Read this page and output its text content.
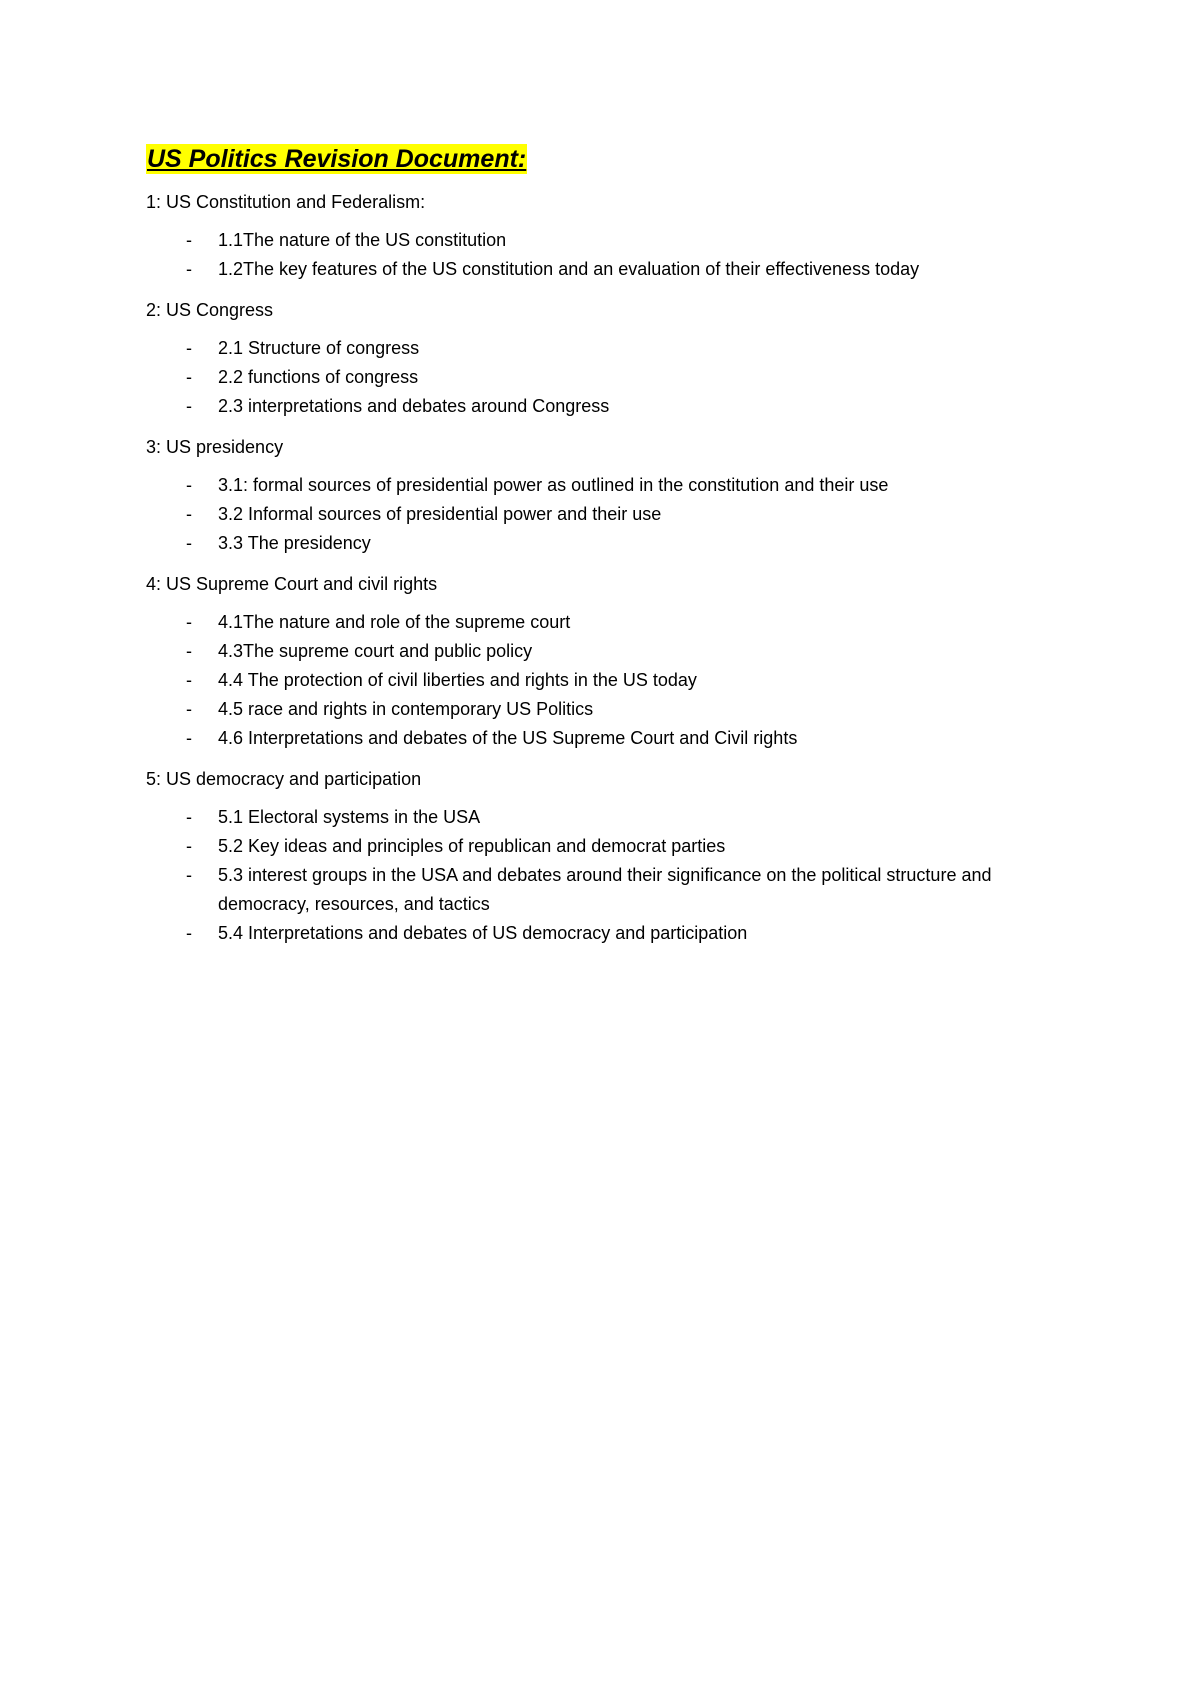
US Politics Revision Document:
1: US Constitution and Federalism:
- 1.1The nature of the US constitution
- 1.2The key features of the US constitution and an evaluation of their effectiveness today
2: US Congress
- 2.1 Structure of congress
- 2.2 functions of congress
- 2.3 interpretations and debates around Congress
3: US presidency
- 3.1: formal sources of presidential power as outlined in the constitution and their use
- 3.2 Informal sources of presidential power and their use
- 3.3 The presidency
4: US Supreme Court and civil rights
- 4.1The nature and role of the supreme court
- 4.3The supreme court and public policy
- 4.4 The protection of civil liberties and rights in the US today
- 4.5 race and rights in contemporary US Politics
- 4.6 Interpretations and debates of the US Supreme Court and Civil rights
5: US democracy and participation
- 5.1 Electoral systems in the USA
- 5.2 Key ideas and principles of republican and democrat parties
- 5.3 interest groups in the USA and debates around their significance on the political structure and democracy, resources, and tactics
- 5.4 Interpretations and debates of US democracy and participation
